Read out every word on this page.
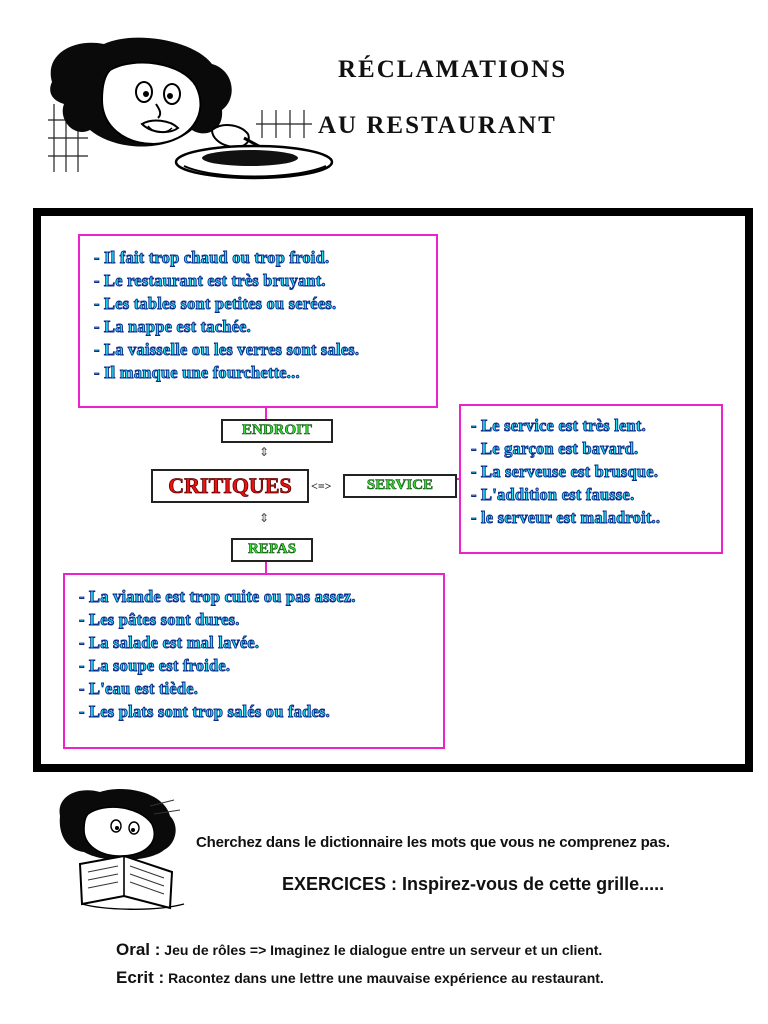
RÉCLAMATIONS
AU RESTAURANT
- Il fait trop chaud ou trop froid.
- Le restaurant est très bruyant.
- Les tables sont petites ou serées.
- La nappe est tachée.
- La vaisselle ou les verres sont sales.
- Il manque une fourchette...
ENDROIT
⇕
CRITIQUES	<=>	SERVICE
⇕
REPAS
- Le service est très lent.
- Le garçon est bavard.
- La serveuse est brusque.
- L'addition est fausse.
- le serveur est maladroit..
- La viande est trop cuite ou pas assez.
- Les pâtes sont dures.
- La salade est mal lavée.
- La soupe est froide.
- L'eau est tiède.
- Les plats sont trop salés ou fades.
Cherchez dans le dictionnaire les mots que vous ne comprenez pas.
EXERCICES : Inspirez-vous de cette grille.....
Oral : Jeu de rôles => Imaginez le dialogue entre un serveur et un client.
Ecrit : Racontez dans une lettre une mauvaise expérience au restaurant.
